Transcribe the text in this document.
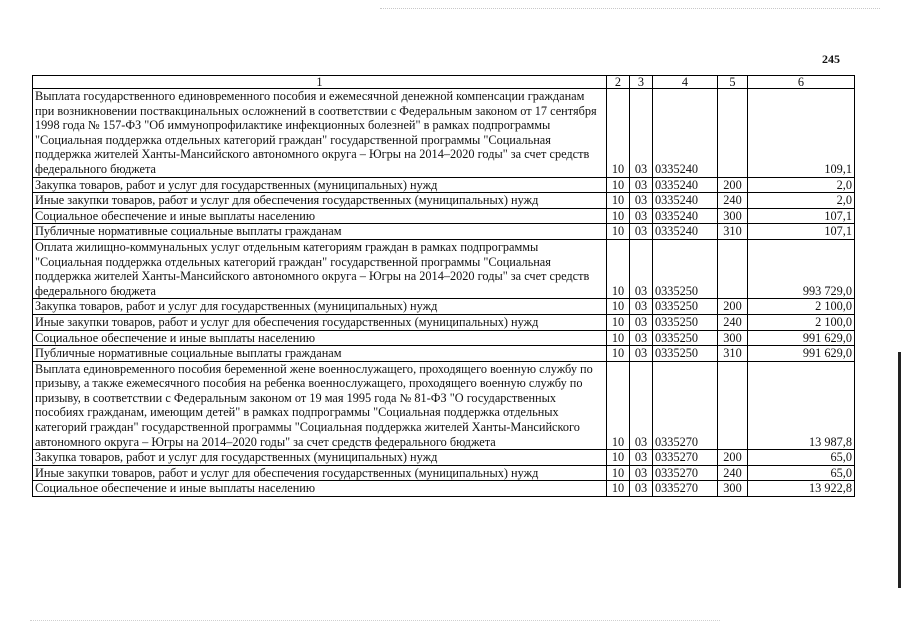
245
1	2	3	4	5	6
Выплата государственного единовременного пособия и ежемесячной денежной компенсации гражданам при возникновении поствакцинальных осложнений в соответствии с Федеральным законом от 17 сентября 1998 года № 157-ФЗ "Об иммунопрофилактике инфекционных болезней" в рамках подпрограммы "Социальная поддержка отдельных категорий граждан" государственной программы "Социальная поддержка жителей Ханты-Мансийского автономного округа – Югры на 2014–2020 годы" за счет средств федерального бюджета	10	03	0335240		109,1
Закупка товаров, работ и услуг для государственных (муниципальных) нужд	10	03	0335240	200	2,0
Иные закупки товаров, работ и услуг для обеспечения государственных (муниципальных) нужд	10	03	0335240	240	2,0
Социальное обеспечение и иные выплаты населению	10	03	0335240	300	107,1
Публичные нормативные социальные выплаты гражданам	10	03	0335240	310	107,1
Оплата жилищно-коммунальных услуг отдельным категориям граждан в рамках подпрограммы "Социальная поддержка отдельных категорий граждан" государственной программы "Социальная поддержка жителей Ханты-Мансийского автономного округа – Югры на 2014–2020 годы" за счет средств федерального бюджета	10	03	0335250		993 729,0
Закупка товаров, работ и услуг для государственных (муниципальных) нужд	10	03	0335250	200	2 100,0
Иные закупки товаров, работ и услуг для обеспечения государственных (муниципальных) нужд	10	03	0335250	240	2 100,0
Социальное обеспечение и иные выплаты населению	10	03	0335250	300	991 629,0
Публичные нормативные социальные выплаты гражданам	10	03	0335250	310	991 629,0
Выплата единовременного пособия беременной жене военнослужащего, проходящего военную службу по призыву, а также ежемесячного пособия на ребенка военнослужащего, проходящего военную службу по призыву, в соответствии с Федеральным законом от 19 мая 1995 года № 81-ФЗ "О государственных пособиях гражданам, имеющим детей" в рамках подпрограммы "Социальная поддержка отдельных категорий граждан" государственной программы "Социальная поддержка жителей Ханты-Мансийского автономного округа – Югры на 2014–2020 годы" за счет средств федерального бюджета	10	03	0335270		13 987,8
Закупка товаров, работ и услуг для государственных (муниципальных) нужд	10	03	0335270	200	65,0
Иные закупки товаров, работ и услуг для обеспечения государственных (муниципальных) нужд	10	03	0335270	240	65,0
Социальное обеспечение и иные выплаты населению	10	03	0335270	300	13 922,8
